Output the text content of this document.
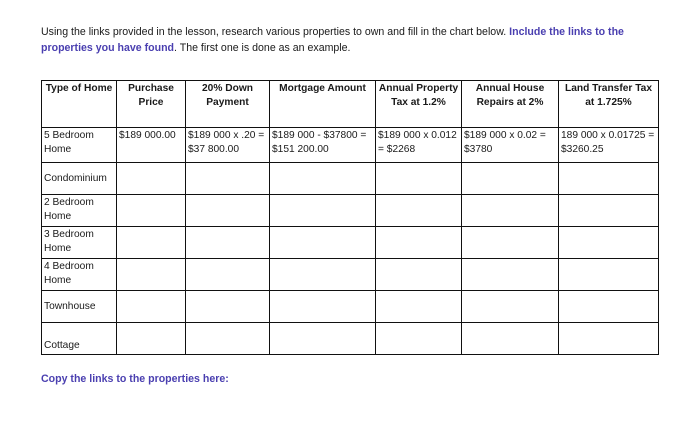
Using the links provided in the lesson, research various properties to own and fill in the chart below. Include the links to the properties you have found. The first one is done as an example.
Type of Home	Purchase Price	20% Down Payment	Mortgage Amount	Annual Property Tax at 1.2%	Annual House Repairs at 2%	Land Transfer Tax at 1.725%
5 Bedroom Home	$189 000.00	$189 000 x .20 = $37 800.00	$189 000 - $37800 = $151 200.00	$189 000 x 0.012 = $2268	$189 000 x 0.02 = $3780	189 000 x 0.01725 = $3260.25
Condominium						
2 Bedroom Home						
3 Bedroom Home						
4 Bedroom Home						
Townhouse						
Cottage						
Copy the links to the properties here:
